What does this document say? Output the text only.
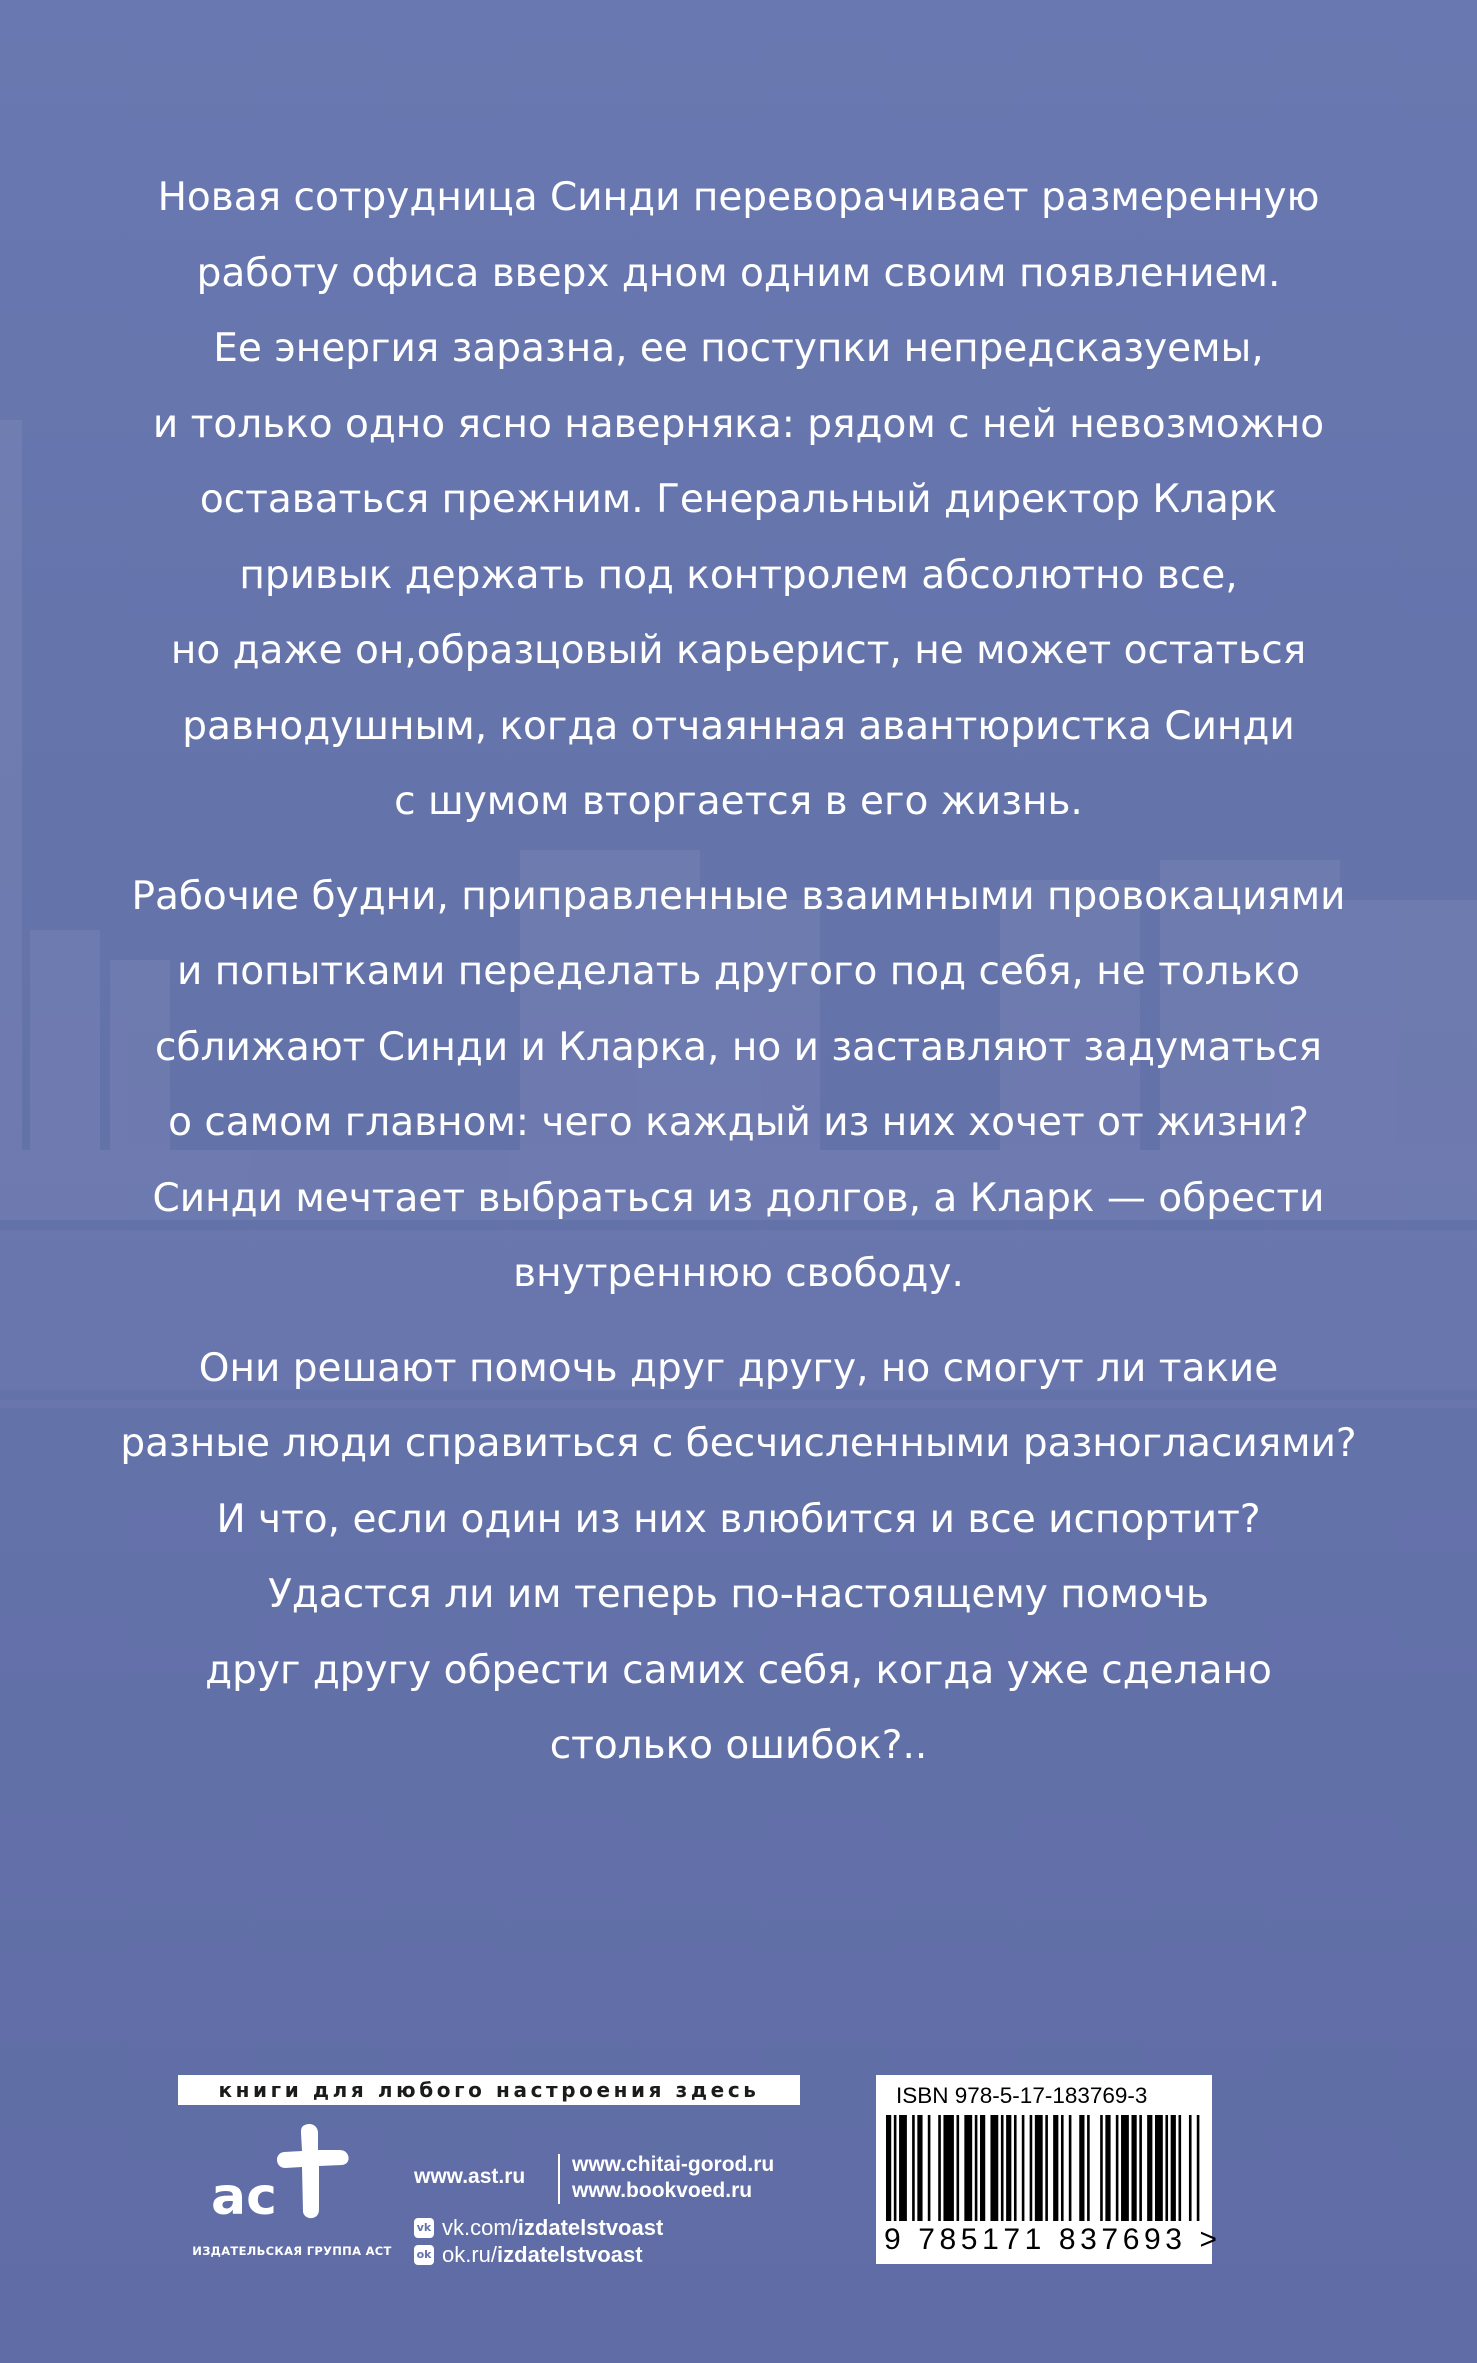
Новая сотрудница Синди переворачивает размеренную
работу офиса вверх дном одним своим появлением.
Ее энергия заразна, ее поступки непредсказуемы,
и только одно ясно наверняка: рядом с ней невозможно
оставаться прежним. Генеральный директор Кларк
привык держать под контролем абсолютно все,
но даже он,образцовый карьерист, не может остаться
равнодушным, когда отчаянная авантюристка Синди
с шумом вторгается в его жизнь.

Рабочие будни, приправленные взаимными провокациями
и попытками переделать другого под себя, не только
сближают Синди и Кларка, но и заставляют задуматься
о самом главном: чего каждый из них хочет от жизни?
Синди мечтает выбраться из долгов, а Кларк — обрести
внутреннюю свободу.

Они решают помочь друг другу, но смогут ли такие
разные люди справиться с бесчисленными разногласиями?
И что, если один из них влюбится и все испортит?
Удастся ли им теперь по-настоящему помочь
друг другу обрести самих себя, когда уже сделано
столько ошибок?..

книги для любого настроения здесь
ас
ИЗДАТЕЛЬСКАЯ ГРУППА АСТ
www.ast.ru
www.chitai-gorod.ru
www.bookvoed.ru
vk vk.com/izdatelstvoast
ok ok.ru/izdatelstvoast
ISBN 978-5-17-183769-3
9 785171 837693 >
